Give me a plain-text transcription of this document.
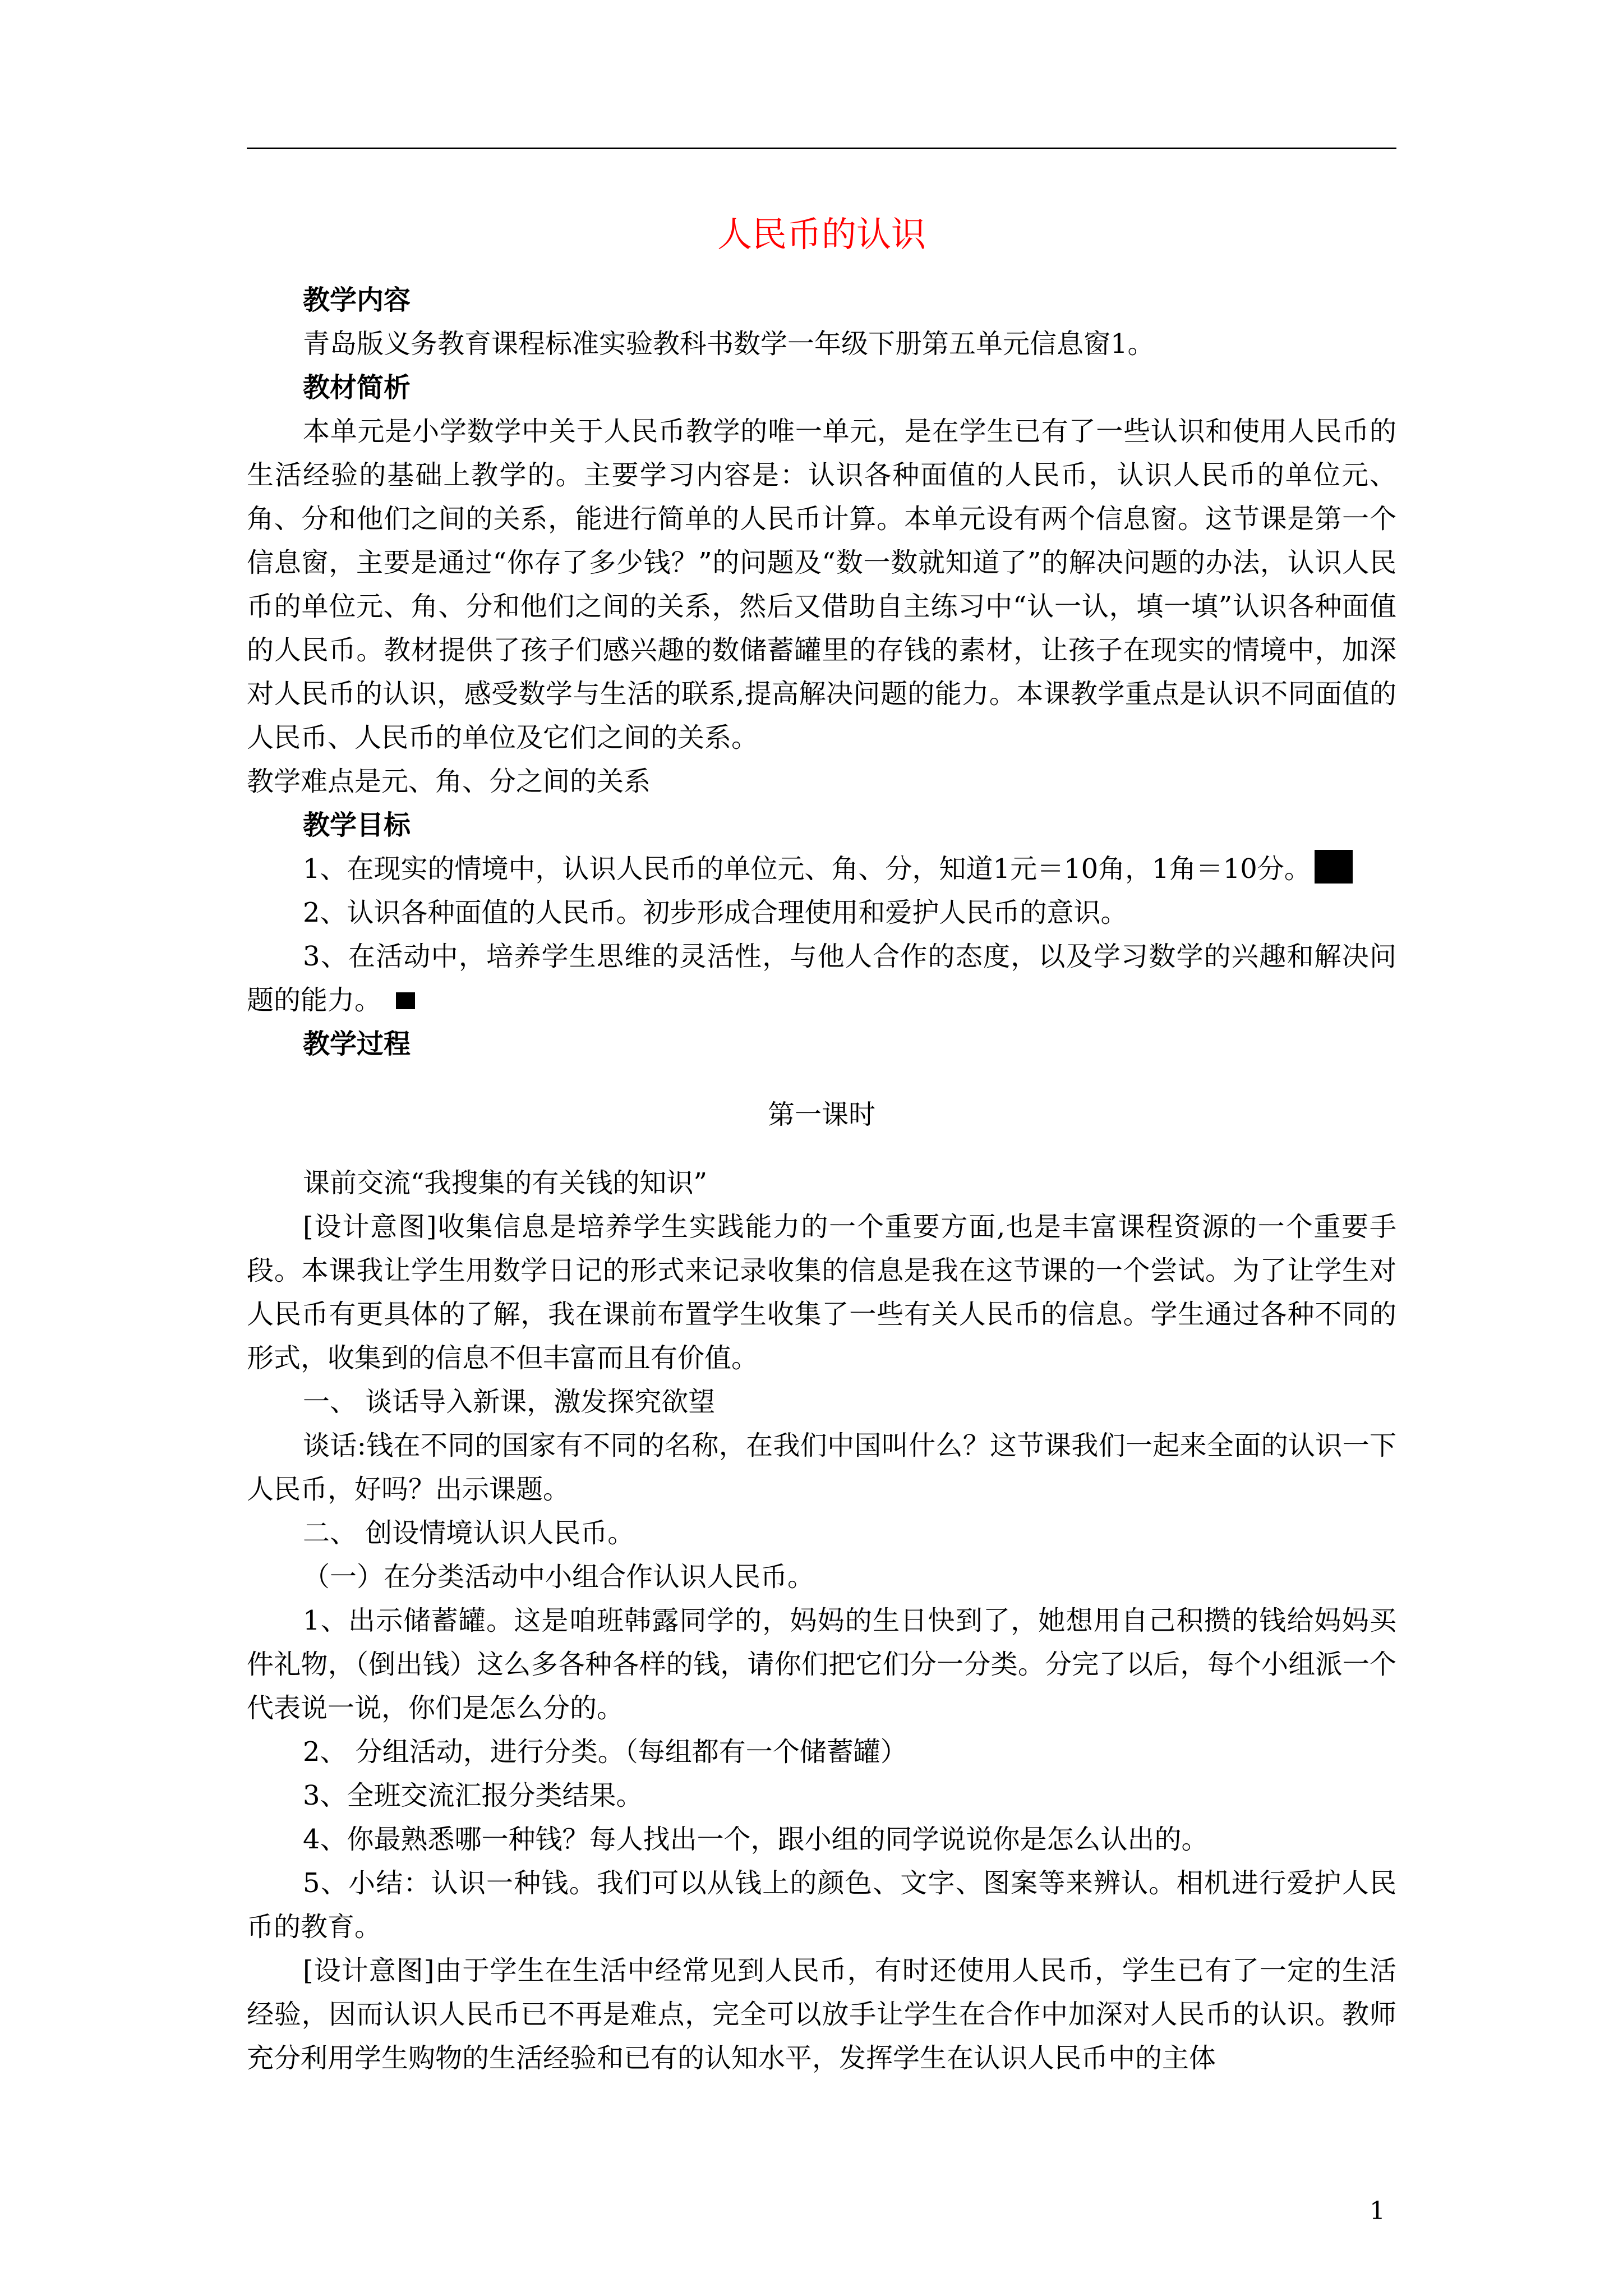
人民币的认识

教学内容

青岛版义务教育课程标准实验教科书数学一年级下册第五单元信息窗1。

教材简析

本单元是小学数学中关于人民币教学的唯一单元，是在学生已有了一些认识和使用人民币的生活经验的基础上教学的。主要学习内容是：认识各种面值的人民币，认识人民币的单位元、角、分和他们之间的关系，能进行简单的人民币计算。本单元设有两个信息窗。这节课是第一个信息窗，主要是通过“你存了多少钱？”的问题及“数一数就知道了”的解决问题的办法，认识人民币的单位元、角、分和他们之间的关系，然后又借助自主练习中“认一认，填一填”认识各种面值的人民币。教材提供了孩子们感兴趣的数储蓄罐里的存钱的素材，让孩子在现实的情境中，加深对人民币的认识，感受数学与生活的联系,提高解决问题的能力。本课教学重点是认识不同面值的人民币、人民币的单位及它们之间的关系。

教学难点是元、角、分之间的关系

教学目标

1、在现实的情境中，认识人民币的单位元、角、分，知道1元＝10角，1角＝10分。

2、认识各种面值的人民币。初步形成合理使用和爱护人民币的意识。

3、在活动中，培养学生思维的灵活性，与他人合作的态度，以及学习数学的兴趣和解决问题的能力。

教学过程

第一课时

课前交流“我搜集的有关钱的知识”

[设计意图]收集信息是培养学生实践能力的一个重要方面,也是丰富课程资源的一个重要手段。本课我让学生用数学日记的形式来记录收集的信息是我在这节课的一个尝试。为了让学生对人民币有更具体的了解，我在课前布置学生收集了一些有关人民币的信息。学生通过各种不同的形式，收集到的信息不但丰富而且有价值。

一、 谈话导入新课，激发探究欲望

谈话:钱在不同的国家有不同的名称，在我们中国叫什么？这节课我们一起来全面的认识一下人民币，好吗？出示课题。

二、 创设情境认识人民币。

（一）在分类活动中小组合作认识人民币。

1、出示储蓄罐。这是咱班韩露同学的，妈妈的生日快到了，她想用自己积攒的钱给妈妈买件礼物，（倒出钱）这么多各种各样的钱，请你们把它们分一分类。分完了以后，每个小组派一个代表说一说，你们是怎么分的。

2、 分组活动，进行分类。（每组都有一个储蓄罐）

3、全班交流汇报分类结果。

4、你最熟悉哪一种钱？每人找出一个，跟小组的同学说说你是怎么认出的。

5、小结：认识一种钱。我们可以从钱上的颜色、文字、图案等来辨认。相机进行爱护人民币的教育。

[设计意图]由于学生在生活中经常见到人民币，有时还使用人民币，学生已有了一定的生活经验，因而认识人民币已不再是难点，完全可以放手让学生在合作中加深对人民币的认识。教师充分利用学生购物的生活经验和已有的认知水平，发挥学生在认识人民币中的主体

1
